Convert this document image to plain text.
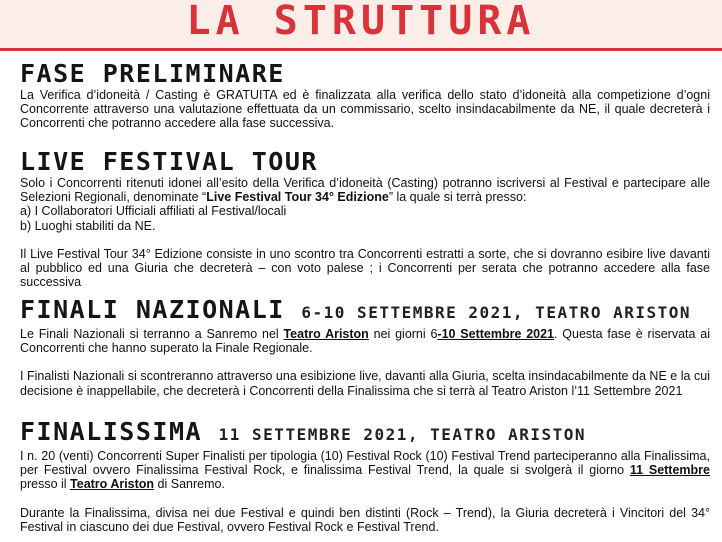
LA STRUTTURA
FASE PRELIMINARE

La Verifica d’idoneità / Casting è GRATUITA ed è finalizzata alla verifica dello stato d’idoneità alla competizione d’ogni Concorrente attraverso una valutazione effettuata da un commissario, scelto insindacabilmente da NE, il quale decreterà i Concorrenti che potranno accedere alla fase successiva.

LIVE FESTIVAL TOUR

Solo i Concorrenti ritenuti idonei all’esito della Verifica d’idoneità (Casting) potranno iscriversi al Festival e partecipare alle Selezioni Regionali, denominate “Live Festival Tour 34° Edizione” la quale si terrà presso:
a) I Collaboratori Ufficiali affiliati al Festival/locali
b) Luoghi stabiliti da NE.

Il Live Festival Tour 34° Edizione consiste in uno scontro tra Concorrenti estratti a sorte, che si dovranno esibire live davanti al pubblico ed una Giuria che decreterà – con voto palese ; i Concorrenti per serata che potranno accedere alla fase successiva

FINALI NAZIONALI 6-10 SETTEMBRE 2021, TEATRO ARISTON

Le Finali Nazionali si terranno a Sanremo nel Teatro Ariston nei giorni 6-10 Settembre 2021. Questa fase è riservata ai Concorrenti che hanno superato la Finale Regionale.

I Finalisti Nazionali si scontreranno attraverso una esibizione live, davanti alla Giuria, scelta insindacabilmente da NE e la cui decisione è inappellabile, che decreterà i Concorrenti della Finalissima che si terrà al Teatro Ariston l’11 Settembre 2021

FINALISSIMA 11 SETTEMBRE 2021, TEATRO ARISTON

I n. 20 (venti) Concorrenti Super Finalisti per tipologia (10) Festival Rock (10) Festival Trend parteciperanno alla Finalissima, per Festival ovvero Finalissima Festival Rock, e finalissima Festival Trend, la quale si svolgerà il giorno 11 Settembre presso il Teatro Ariston di Sanremo.

Durante la Finalissima, divisa nei due Festival e quindi ben distinti (Rock – Trend), la Giuria decreterà i Vincitori del 34° Festival in ciascuno dei due Festival, ovvero Festival Rock e Festival Trend.
